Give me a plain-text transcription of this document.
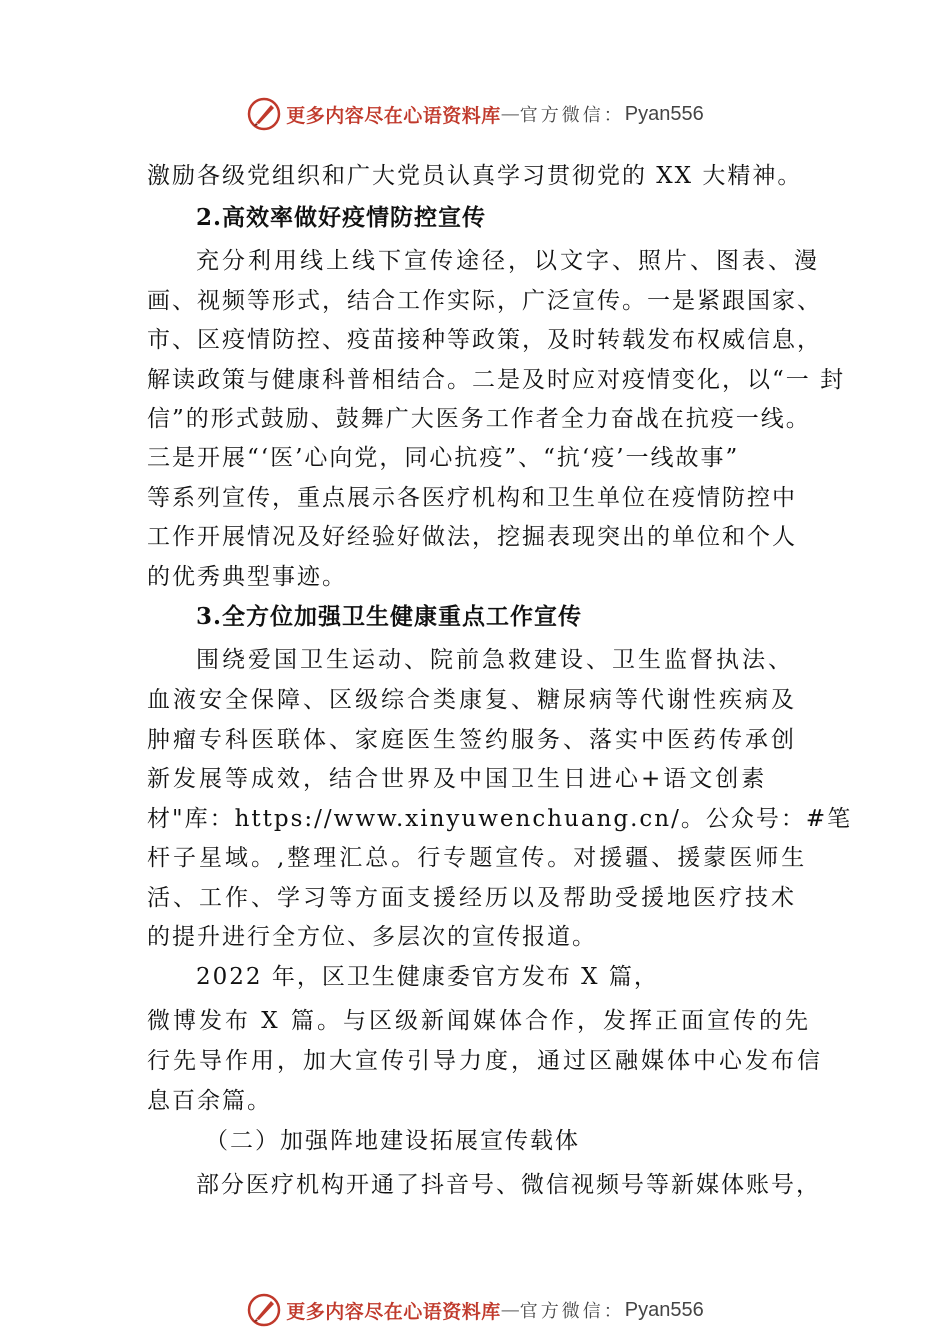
更多内容尽在心语资料库 — 官方微信： Pyan556

激励各级党组织和广大党员认真学习贯彻党的 XX 大精神。

2.高效率做好疫情防控宣传

充分利用线上线下宣传途径，以文字、照片、图表、漫

画、视频等形式，结合工作实际，广泛宣传。一是紧跟国家、

市、区疫情防控、疫苗接种等政策，及时转载发布权威信息，

解读政策与健康科普相结合。二是及时应对疫情变化，以“一 封

信”的形式鼓励、鼓舞广大医务工作者全力奋战在抗疫一线。

三是开展“‘医’心向党，同心抗疫”、“抗‘疫’一线故事”

等系列宣传，重点展示各医疗机构和卫生单位在疫情防控中

工作开展情况及好经验好做法，挖掘表现突出的单位和个人

的优秀典型事迹。

3.全方位加强卫生健康重点工作宣传

围绕爱国卫生运动、院前急救建设、卫生监督执法、

血液安全保障、区级综合类康复、糖尿病等代谢性疾病及

肿瘤专科医联体、家庭医生签约服务、落实中医药传承创

新发展等成效，结合世界及中国卫生日进心+语文创素

材"库：https://www.xinyuwenchuang.cn/。公众号：#笔

杆子星域。,整理汇总。行专题宣传。对援疆、援蒙医师生

活、工作、学习等方面支援经历以及帮助受援地医疗技术

的提升进行全方位、多层次的宣传报道。

2022 年，区卫生健康委官方发布 X 篇，

微博发布 X 篇。与区级新闻媒体合作，发挥正面宣传的先

行先导作用，加大宣传引导力度，通过区融媒体中心发布信

息百余篇。

（二）加强阵地建设拓展宣传载体

部分医疗机构开通了抖音号、微信视频号等新媒体账号，

更多内容尽在心语资料库 — 官方微信： Pyan556
